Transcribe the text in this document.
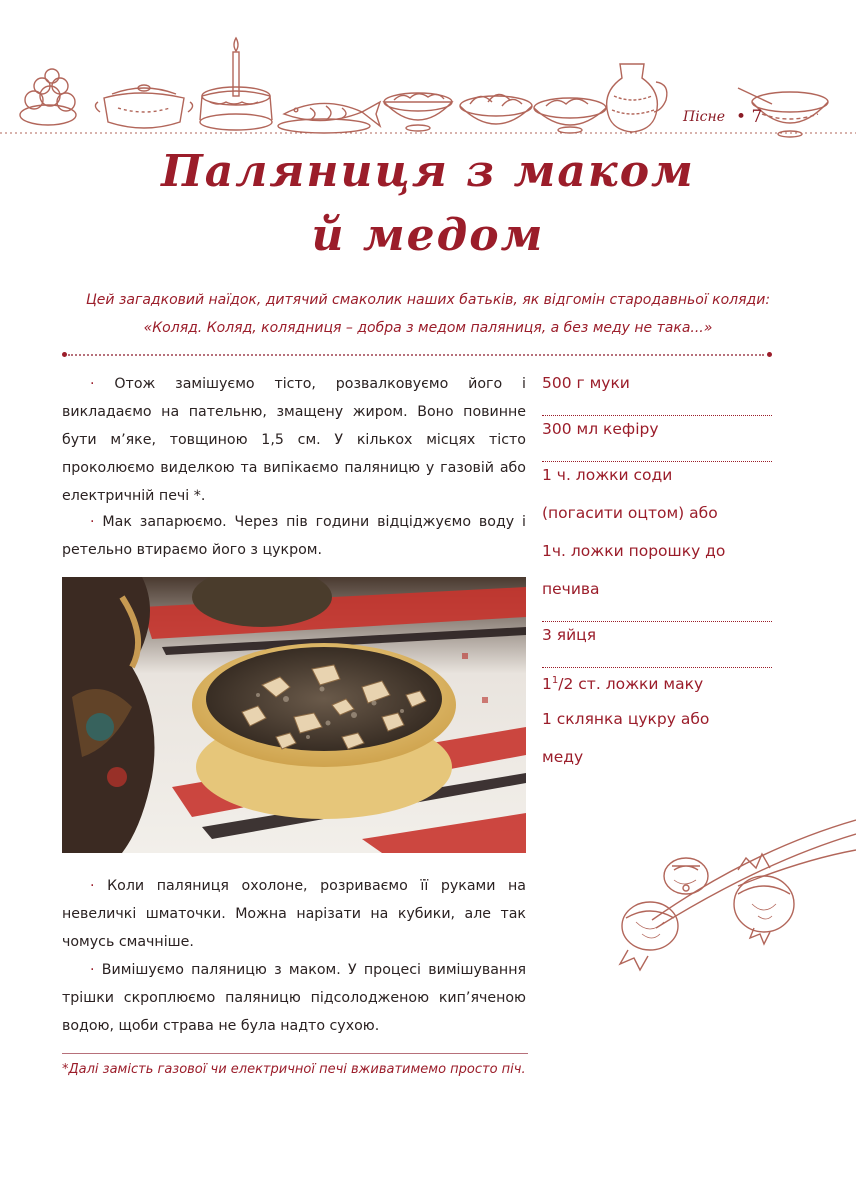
Пісне • 7
Паляниця з маком
й медом
Цей загадковий наїдок, дитячий смаколик наших батьків, як відгомін стародавньої коляди: «Коляд. Коляд, колядниця – добра з медом паляниця, а без меду не така...»

· Отож замішуємо тісто, розвалковуємо його і викладаємо на пательню, змащену жиром. Воно повинне бути м’яке, товщиною 1,5 см. У кількох місцях тісто проколюємо виделкою та випікаємо паляницю у газовій або електричній печі *.

· Мак запарюємо. Через пів години відціджуємо воду і ретельно втираємо його з цукром.

· Коли паляниця охолоне, розриваємо її руками на невеличкі шматочки. Можна нарізати на кубики, але так чомусь смачніше.

· Вимішуємо паляницю з маком. У процесі вимішування трішки скроплюємо паляницю підсолодженою кип’яченою водою, щоби страва не була надто сухою.

500 г муки
300 мл кефіру
1 ч. ложки соди
(погасити оцтом) або
1ч. ложки порошку до
печива
3 яйця
$1^1/2$ ст. ложки маку
1 склянка цукру або
меду
*Далі замість газової чи електричної печі вживатимемо просто піч.
